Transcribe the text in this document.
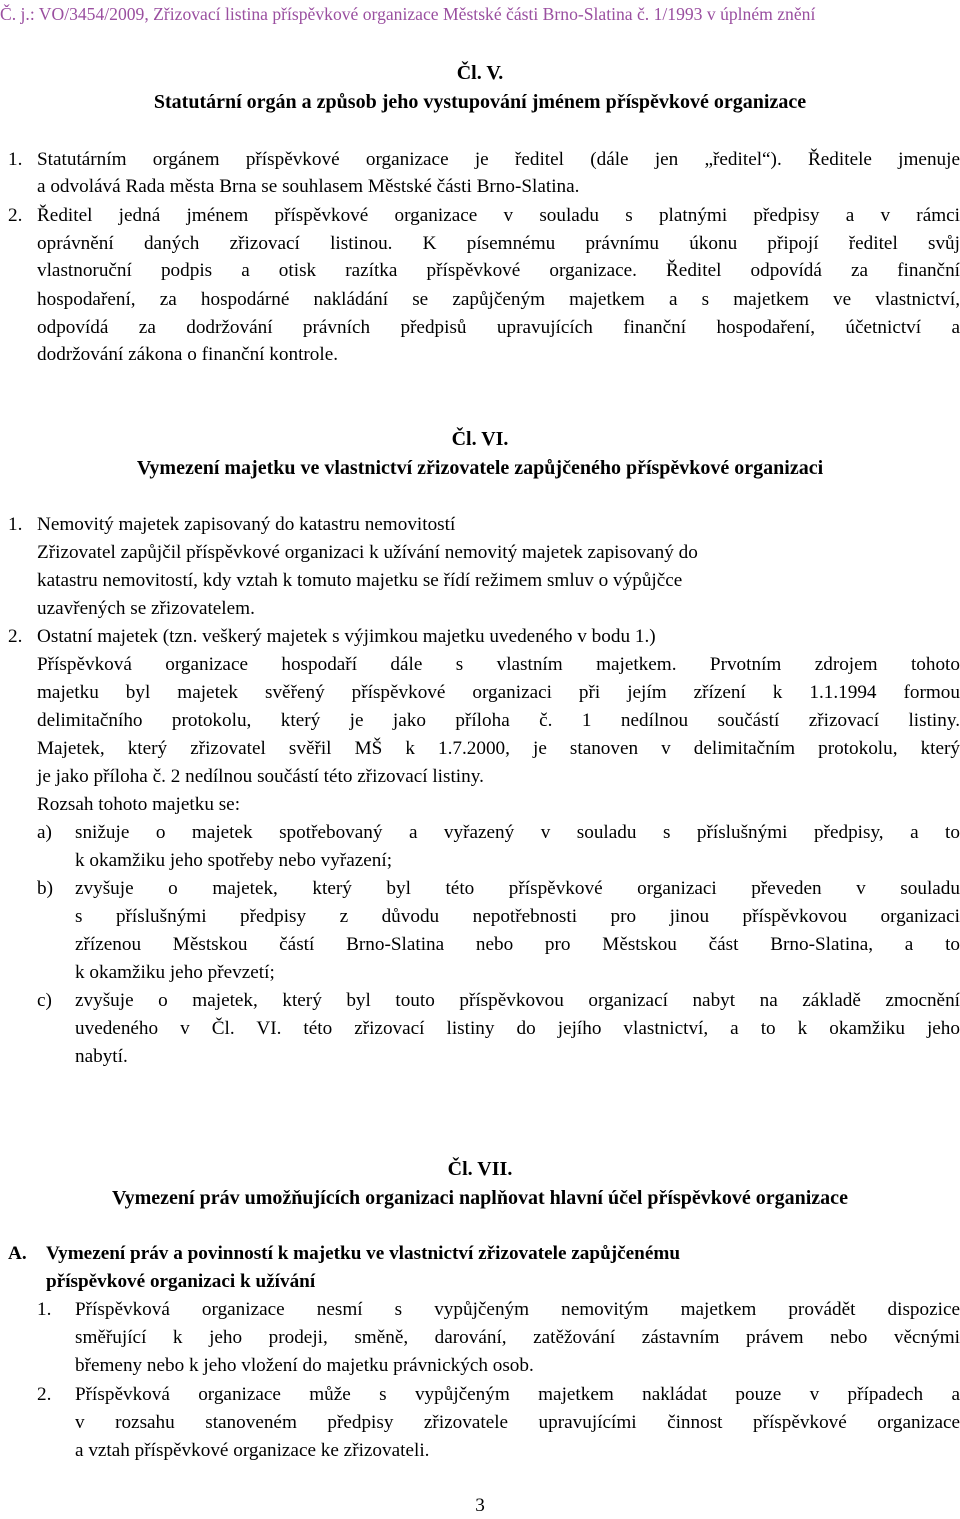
Č. j.: VO/3454/2009, Zřizovací listina příspěvkové organizace Městské části Brno-Slatina č. 1/1993 v úplném znění
Čl. V.
Statutární orgán a způsob jeho vystupování jménem příspěvkové organizace
1. Statutárním orgánem příspěvkové organizace je ředitel (dále jen „ředitel“). Ředitele jmenuje
a odvolává Rada města Brna se souhlasem Městské části Brno-Slatina.
2. Ředitel jedná jménem příspěvkové organizace v souladu s platnými předpisy a v rámci
oprávnění daných zřizovací listinou. K písemnému právnímu úkonu připojí ředitel svůj
vlastnoruční podpis a otisk razítka příspěvkové organizace. Ředitel odpovídá za finanční
hospodaření, za hospodárné nakládání se zapůjčeným majetkem a s majetkem ve vlastnictví,
odpovídá za dodržování právních předpisů upravujících finanční hospodaření, účetnictví a
dodržování zákona o finanční kontrole.
Čl. VI.
Vymezení majetku ve vlastnictví zřizovatele zapůjčeného příspěvkové organizaci
1. Nemovitý majetek zapisovaný do katastru nemovitostí
Zřizovatel zapůjčil příspěvkové organizaci k užívání nemovitý majetek zapisovaný do
katastru nemovitostí, kdy vztah k tomuto majetku se řídí režimem smluv o výpůjčce
uzavřených se zřizovatelem.
2. Ostatní majetek (tzn. veškerý majetek s výjimkou majetku uvedeného v bodu 1.)
Příspěvková organizace hospodaří dále s vlastním majetkem. Prvotním zdrojem tohoto
majetku byl majetek svěřený příspěvkové organizaci při jejím zřízení k 1.1.1994 formou
delimitačního protokolu, který je jako příloha č. 1 nedílnou součástí zřizovací listiny.
Majetek, který zřizovatel svěřil MŠ k 1.7.2000, je stanoven v delimitačním protokolu, který
je jako příloha č. 2 nedílnou součástí této zřizovací listiny.
Rozsah tohoto majetku se:
a) snižuje o majetek spotřebovaný a vyřazený v souladu s příslušnými předpisy, a to
k okamžiku jeho spotřeby nebo vyřazení;
b) zvyšuje o majetek, který byl této příspěvkové organizaci převeden v souladu
s příslušnými předpisy z důvodu nepotřebnosti pro jinou příspěvkovou organizaci
zřízenou Městskou částí Brno-Slatina nebo pro Městskou část Brno-Slatina, a to
k okamžiku jeho převzetí;
c) zvyšuje o majetek, který byl touto příspěvkovou organizací nabyt na základě zmocnění
uvedeného v Čl. VI. této zřizovací listiny do jejího vlastnictví, a to k okamžiku jeho
nabytí.
Čl. VII.
Vymezení práv umožňujících organizaci naplňovat hlavní účel příspěvkové organizace
A. Vymezení práv a povinností k majetku ve vlastnictví zřizovatele zapůjčenému
příspěvkové organizaci k užívání
1. Příspěvková organizace nesmí s vypůjčeným nemovitým majetkem provádět dispozice
směřující k jeho prodeji, směně, darování, zatěžování zástavním právem nebo věcnými
břemeny nebo k jeho vložení do majetku právnických osob.
2. Příspěvková organizace může s vypůjčeným majetkem nakládat pouze v případech a
v rozsahu stanoveném předpisy zřizovatele upravujícími činnost příspěvkové organizace
a vztah příspěvkové organizace ke zřizovateli.
3
